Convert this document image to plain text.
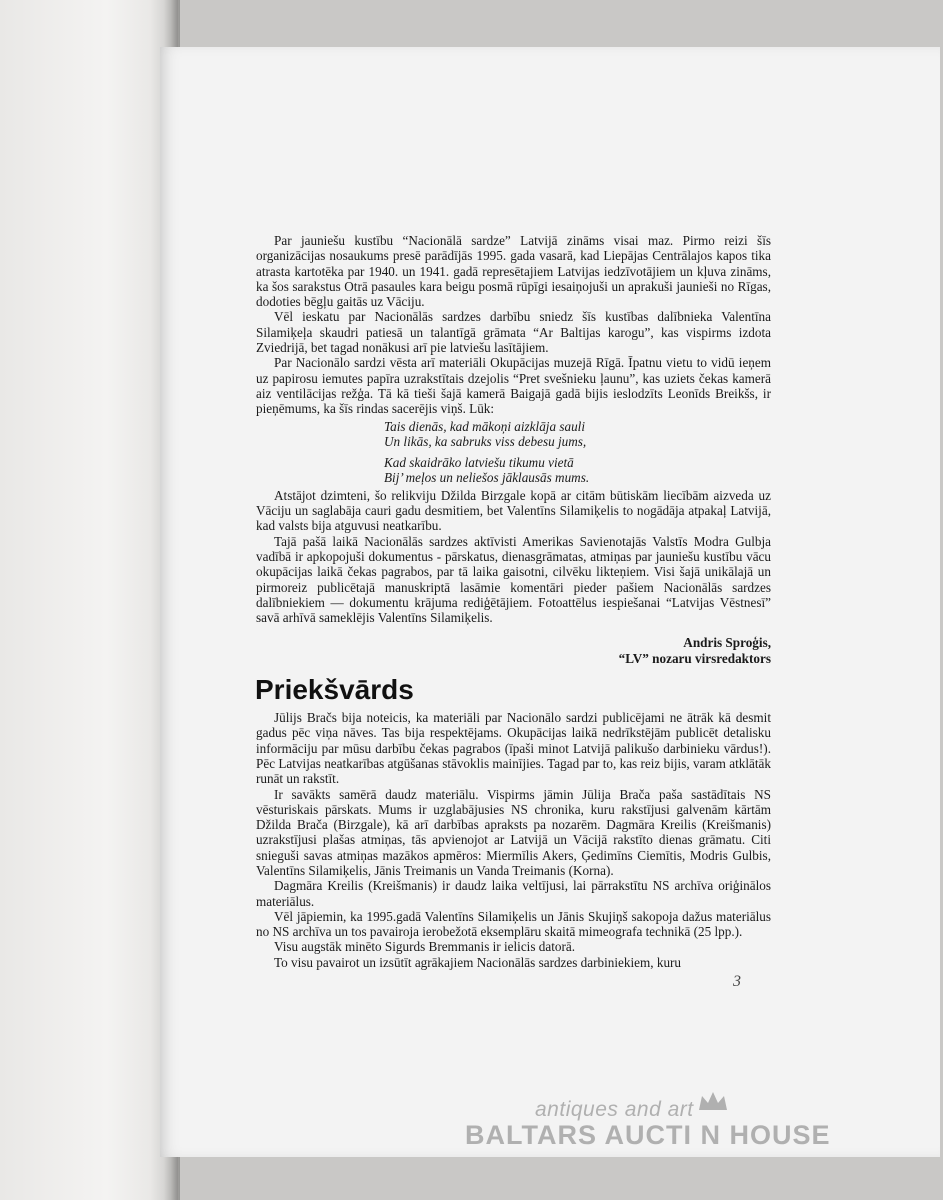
Par jauniešu kustību “Nacionālā sardze” Latvijā zināms visai maz. Pirmo reizi šīs organizācijas nosaukums presē parādījās 1995. gada vasarā, kad Liepājas Centrālajos kapos tika atrasta kartotēka par 1940. un 1941. gadā represētajiem Latvijas iedzīvotājiem un kļuva zināms, ka šos sarakstus Otrā pasaules kara beigu posmā rūpīgi iesaiņojuši un aprakuši jaunieši no Rīgas, dodoties bēgļu gaitās uz Vāciju.

Vēl ieskatu par Nacionālās sardzes darbību sniedz šīs kustības dalībnieka Valentīna Silamiķeļa skaudri patiesā un talantīgā grāmata “Ar Baltijas karogu”, kas vispirms izdota Zviedrijā, bet tagad nonākusi arī pie latviešu lasītājiem.

Par Nacionālo sardzi vēsta arī materiāli Okupācijas muzejā Rīgā. Īpatnu vietu to vidū ieņem uz papirosu iemutes papīra uzrakstītais dzejolis “Pret svešnieku ļaunu”, kas uziets čekas kamerā aiz ventilācijas režģa. Tā kā tieši šajā kamerā Baigajā gadā bijis ieslodzīts Leonīds Breikšs, ir pieņēmums, ka šīs rindas sacerējis viņš. Lūk:

Tais dienās, kad mākoņi aizklāja sauli
Un likās, ka sabruks viss debesu jums,
Kad skaidrāko latviešu tikumu vietā
Bij’ meļos un neliešos jāklausās mums.

Atstājot dzimteni, šo relikviju Džilda Birzgale kopā ar citām būtiskām liecībām aizveda uz Vāciju un saglabāja cauri gadu desmitiem, bet Valentīns Silamiķelis to nogādāja atpakaļ Latvijā, kad valsts bija atguvusi neatkarību.

Tajā pašā laikā Nacionālās sardzes aktīvisti Amerikas Savienotajās Valstīs Modra Gulbja vadībā ir apkopojuši dokumentus - pārskatus, dienasgrāmatas, atmiņas par jauniešu kustību vācu okupācijas laikā čekas pagrabos, par tā laika gaisotni, cilvēku likteņiem. Visi šajā unikālajā un pirmoreiz publicētajā manuskriptā lasāmie komentāri pieder pašiem Nacionālās sardzes dalībniekiem — dokumentu krājuma rediģētājiem. Fotoattēlus iespiešanai “Latvijas Vēstnesī” savā arhīvā sameklējis Valentīns Silamiķelis.

Andris Sproģis,
“LV” nozaru virsredaktors
Priekšvārds

Jūlijs Bračs bija noteicis, ka materiāli par Nacionālo sardzi publicējami ne ātrāk kā desmit gadus pēc viņa nāves. Tas bija respektējams. Okupācijas laikā nedrīkstējām publicēt detalisku informāciju par mūsu darbību čekas pagrabos (īpaši minot Latvijā palikušo darbinieku vārdus!). Pēc Latvijas neatkarības atgūšanas stāvoklis mainījies. Tagad par to, kas reiz bijis, varam atklātāk runāt un rakstīt.

Ir savākts samērā daudz materiālu. Vispirms jāmin Jūlija Brača paša sastādītais NS vēsturiskais pārskats. Mums ir uzglabājusies NS chronika, kuru rakstījusi galvenām kārtām Džilda Brača (Birzgale), kā arī darbības apraksts pa nozarēm. Dagmāra Kreilis (Kreišmanis) uzrakstījusi plašas atmiņas, tās apvienojot ar Latvijā un Vācijā rakstīto dienas grāmatu. Citi snieguši savas atmiņas mazākos apmēros: Miermīlis Akers, Ģedimīns Ciemītis, Modris Gulbis, Valentīns Silamiķelis, Jānis Treimanis un Vanda Treimanis (Korna).

Dagmāra Kreilis (Kreišmanis) ir daudz laika veltījusi, lai pārrakstītu NS archīva oriģinālos materiālus.

Vēl jāpiemin, ka 1995.gadā Valentīns Silamiķelis un Jānis Skujiņš sakopoja dažus materiālus no NS archīva un tos pavairoja ierobežotā eksemplāru skaitā mimeografa technikā (25 lpp.).

Visu augstāk minēto Sigurds Bremmanis ir ielicis datorā.

To visu pavairot un izsūtīt agrākajiem Nacionālās sardzes darbiniekiem, kuru

3
antiques and art
BALTARS AUCTI N HOUSE
